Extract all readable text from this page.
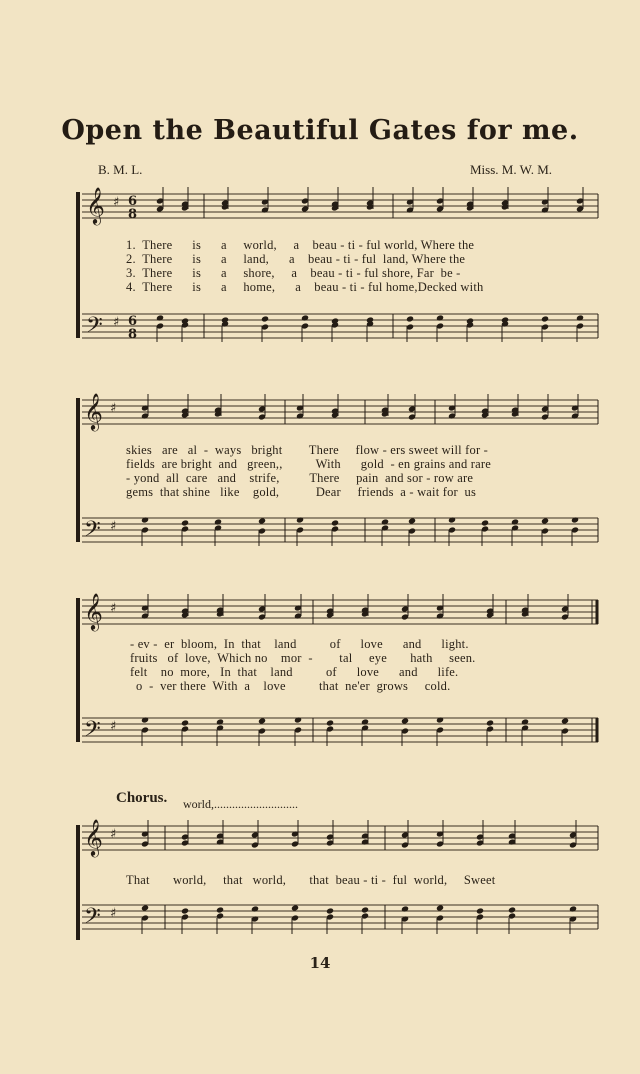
Open the Beautiful Gates for me.
B. M. L.	Miss. M. W. M.
𝄞
𝄢
♯
♯
6
8
6
8
𝄞
𝄢
♯
♯
𝄞
𝄢
♯
♯
𝄞
𝄢
♯
♯
1.  There      is      a     world,     a    beau - ti - ful world, Where the
2.  There      is      a     land,      a    beau - ti - ful  land, Where the
3.  There      is      a     shore,     a    beau - ti - ful shore, Far  be -
4.  There      is      a     home,      a    beau - ti - ful home,Decked with
skies   are   al  -  ways   bright        There     flow - ers sweet will for -
fields  are bright  and   green,,          With      gold  - en grains and rare
- yond  all  care   and    strife,         There     pain  and sor - row are
gems  that shine   like    gold,           Dear     friends  a - wait for  us
- ev -  er  bloom,  In  that    land          of      love      and      light.
fruits   of  love,  Which no    mor  -        tal     eye       hath     seen.
felt    no  more,   In  that    land          of      love      and      life.
o  -  ver there  With  a    love          that  ne'er  grows     cold.
Chorus. world,............................
That       world,     that   world,       that  beau - ti -  ful  world,     Sweet
14
